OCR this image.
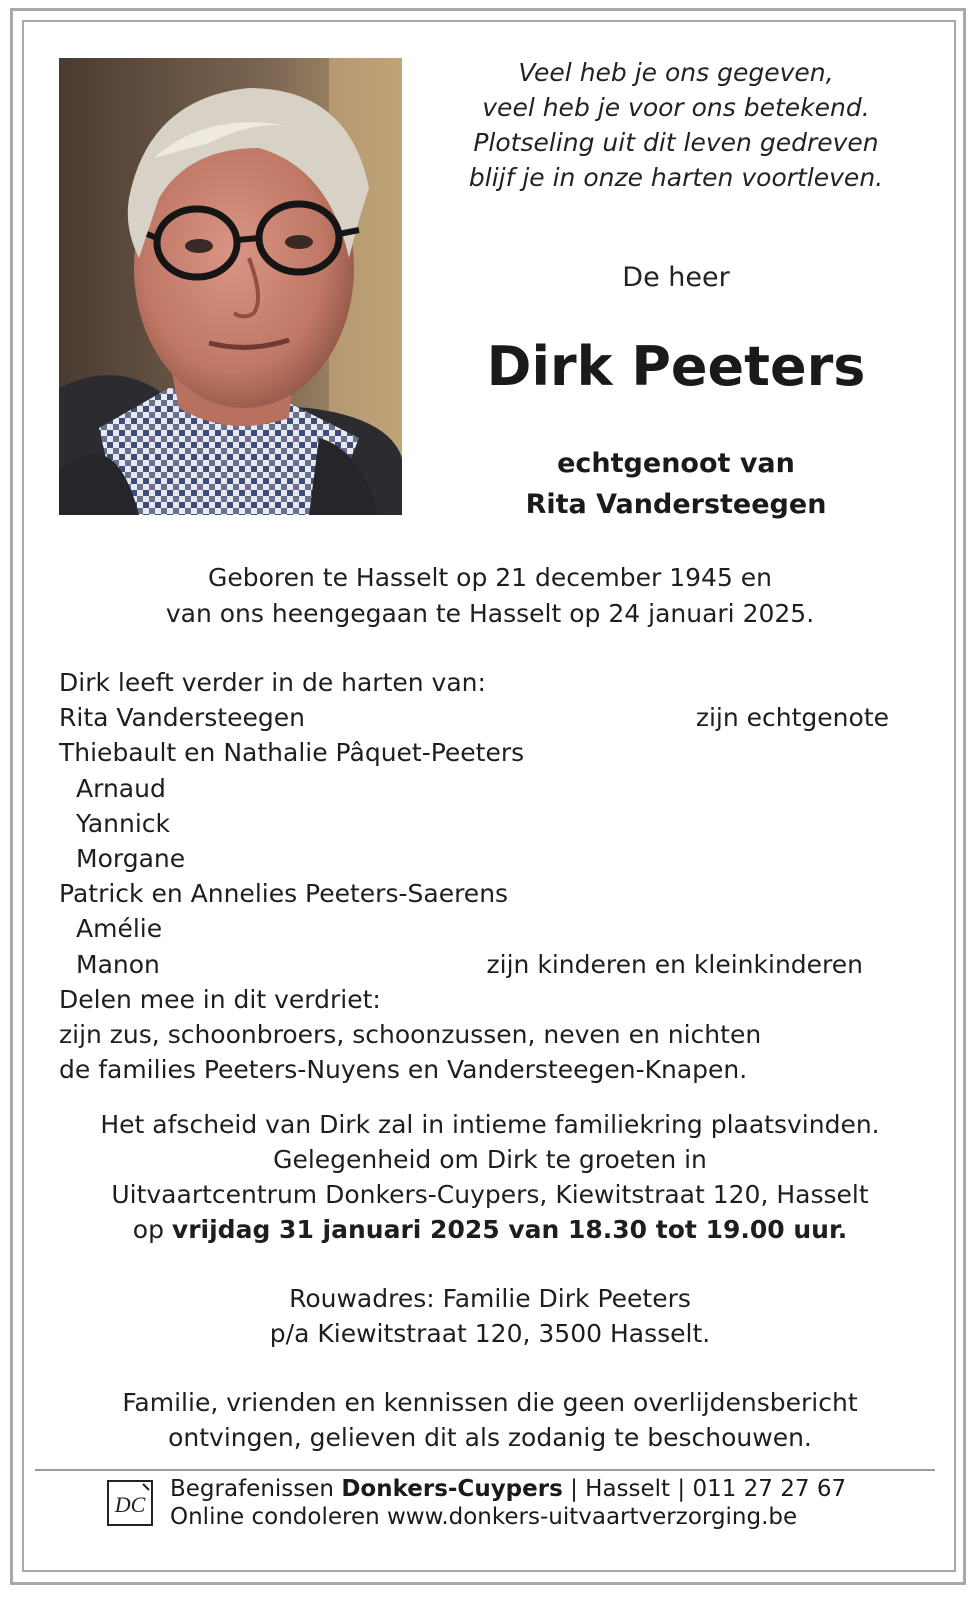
Veel heb je ons gegeven,
veel heb je voor ons betekend.
Plotseling uit dit leven gedreven
blijf je in onze harten voortleven.
De heer
Dirk Peeters
echtgenoot van
Rita Vandersteegen
Geboren te Hasselt op 21 december 1945 en
van ons heengegaan te Hasselt op 24 januari 2025.
Dirk leeft verder in de harten van:
Rita Vandersteegen	zijn echtgenote
Thiebault en Nathalie Pâquet-Peeters
Arnaud
Yannick
Morgane
Patrick en Annelies Peeters-Saerens
Amélie
Manon	zijn kinderen en kleinkinderen
Delen mee in dit verdriet:
zijn zus, schoonbroers, schoonzussen, neven en nichten
de families Peeters-Nuyens en Vandersteegen-Knapen.
Het afscheid van Dirk zal in intieme familiekring plaatsvinden.
Gelegenheid om Dirk te groeten in
Uitvaartcentrum Donkers-Cuypers, Kiewitstraat 120, Hasselt
op vrijdag 31 januari 2025 van 18.30 tot 19.00 uur.
Rouwadres: Familie Dirk Peeters
p/a Kiewitstraat 120, 3500 Hasselt.
Familie, vrienden en kennissen die geen overlijdensbericht
ontvingen, gelieven dit als zodanig te beschouwen.
DC
Begrafenissen Donkers-Cuypers | Hasselt | 011 27 27 67
Online condoleren www.donkers-uitvaartverzorging.be
